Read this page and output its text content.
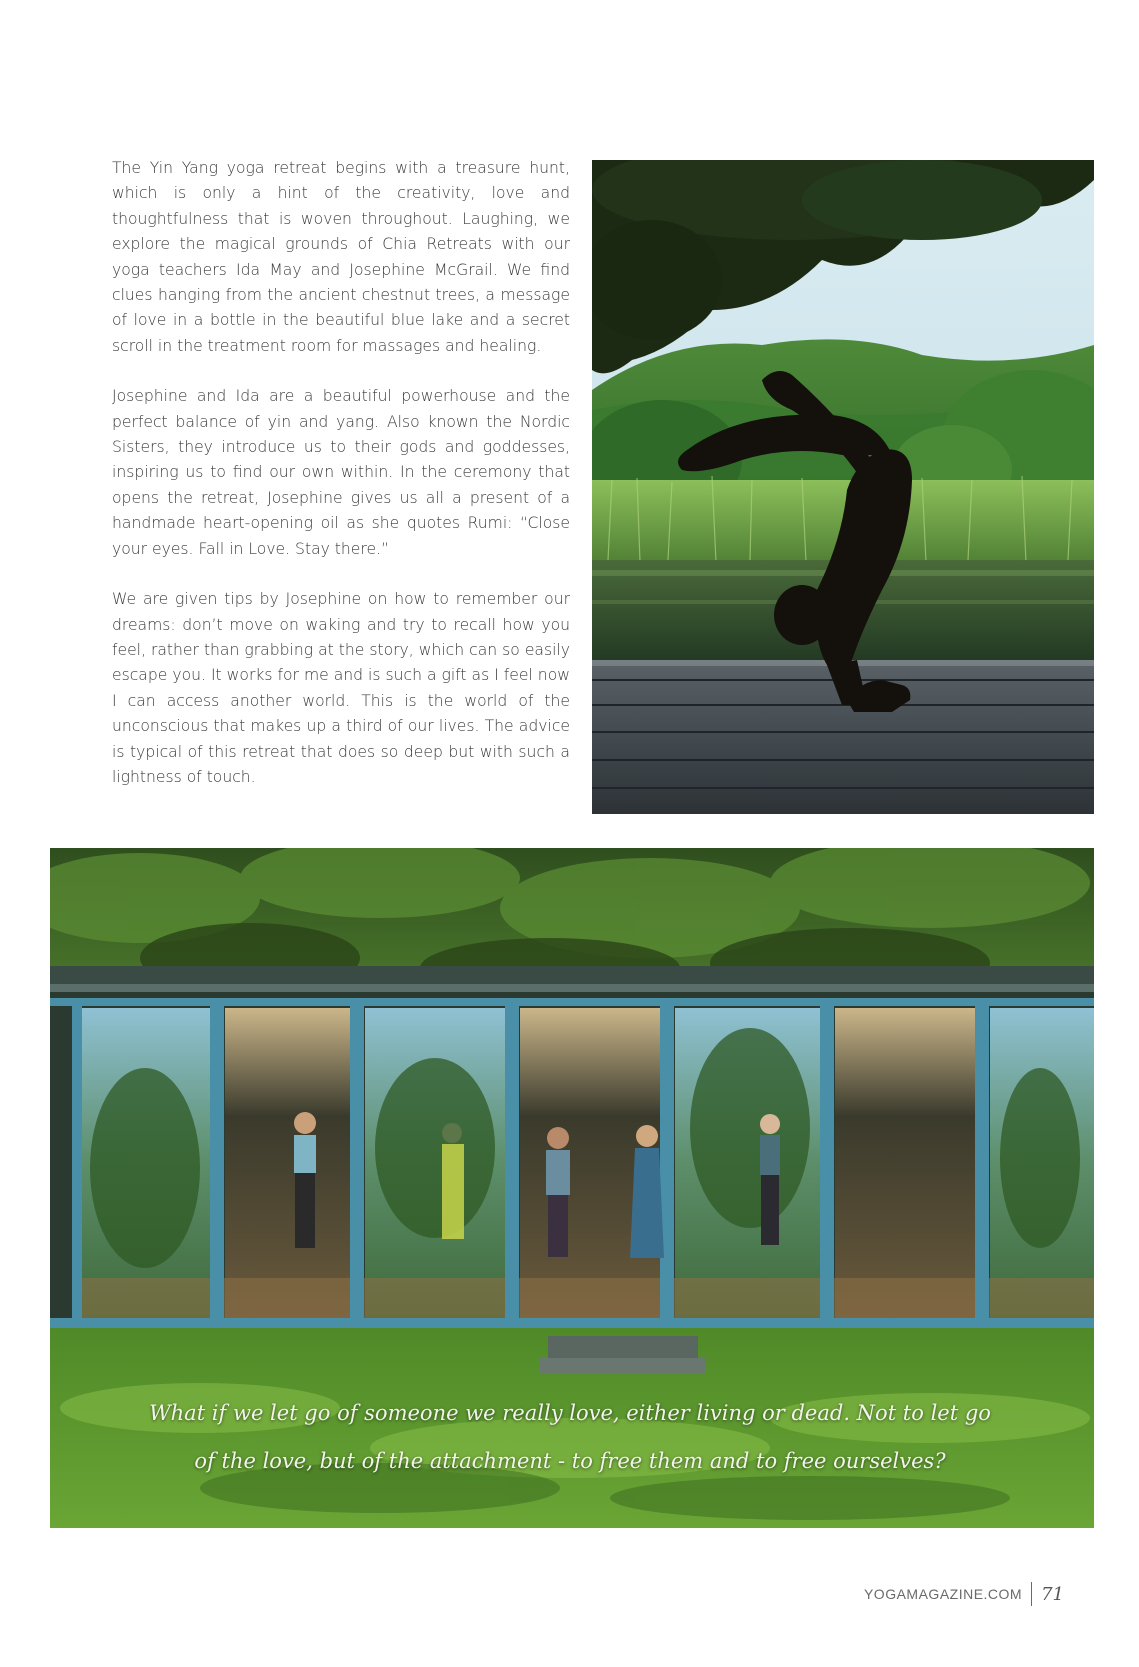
The Yin Yang yoga retreat begins with a treasure hunt, which is only a hint of the creativity, love and thoughtfulness that is woven throughout. Laughing, we explore the magical grounds of Chia Retreats with our yoga teachers Ida May and Josephine McGrail. We find clues hanging from the ancient chestnut trees, a message of love in a bottle in the beautiful blue lake and a secret scroll in the treatment room for massages and healing.

Josephine and Ida are a beautiful powerhouse and the perfect balance of yin and yang. Also known the Nordic Sisters, they introduce us to their gods and goddesses, inspiring us to find our own within. In the ceremony that opens the retreat, Josephine gives us all a present of a handmade heart-opening oil as she quotes Rumi: “Close your eyes. Fall in Love. Stay there.”

We are given tips by Josephine on how to remember our dreams: don’t move on waking and try to recall how you feel, rather than grabbing at the story, which can so easily escape you. It works for me and is such a gift as I feel now I can access another world. This is the world of the unconscious that makes up a third of our lives. The advice is typical of this retreat that does so deep but with such a lightness of touch.

What if we let go of someone we really love, either living or dead. Not to let go
of the love, but of the attachment - to free them and to free ourselves?
YOGAMAGAZINE.COM 71
